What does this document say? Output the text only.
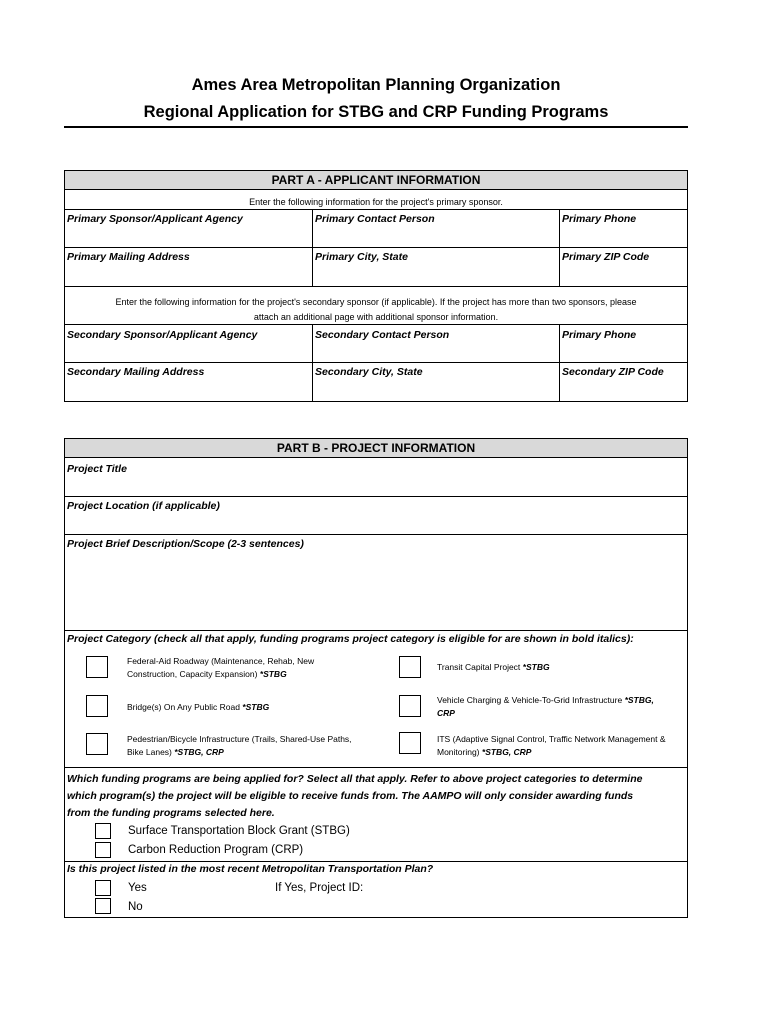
Ames Area Metropolitan Planning Organization
Regional Application for STBG and CRP Funding Programs
PART A - APPLICANT INFORMATION
Enter the following information for the project's primary sponsor.
Primary Sponsor/Applicant Agency	Primary Contact Person	Primary Phone
Primary Mailing Address	Primary City, State	Primary ZIP Code
Enter the following information for the project's secondary sponsor (if applicable). If the project has more than two sponsors, please
attach an additional page with additional sponsor information.
Secondary Sponsor/Applicant Agency	Secondary Contact Person	Primary Phone
Secondary Mailing Address	Secondary City, State	Secondary ZIP Code
PART B - PROJECT INFORMATION
Project Title
Project Location (if applicable)
Project Brief Description/Scope (2-3 sentences)
Project Category (check all that apply, funding programs project category is eligible for are shown in bold italics):
Federal-Aid Roadway (Maintenance, Rehab, New
Construction, Capacity Expansion) *STBG
Transit Capital Project *STBG
Bridge(s) On Any Public Road *STBG
Vehicle Charging & Vehicle-To-Grid Infrastructure *STBG,
CRP
Pedestrian/Bicycle Infrastructure (Trails, Shared-Use Paths,
Bike Lanes) *STBG, CRP
ITS (Adaptive Signal Control, Traffic Network Management &
Monitoring) *STBG, CRP
Which funding programs are being applied for? Select all that apply. Refer to above project categories to determine
which program(s) the project will be eligible to receive funds from. The AAMPO will only consider awarding funds
from the funding programs selected here.
Surface Transportation Block Grant (STBG)
Carbon Reduction Program (CRP)
Is this project listed in the most recent Metropolitan Transportation Plan?
Yes	If Yes, Project ID:
No
